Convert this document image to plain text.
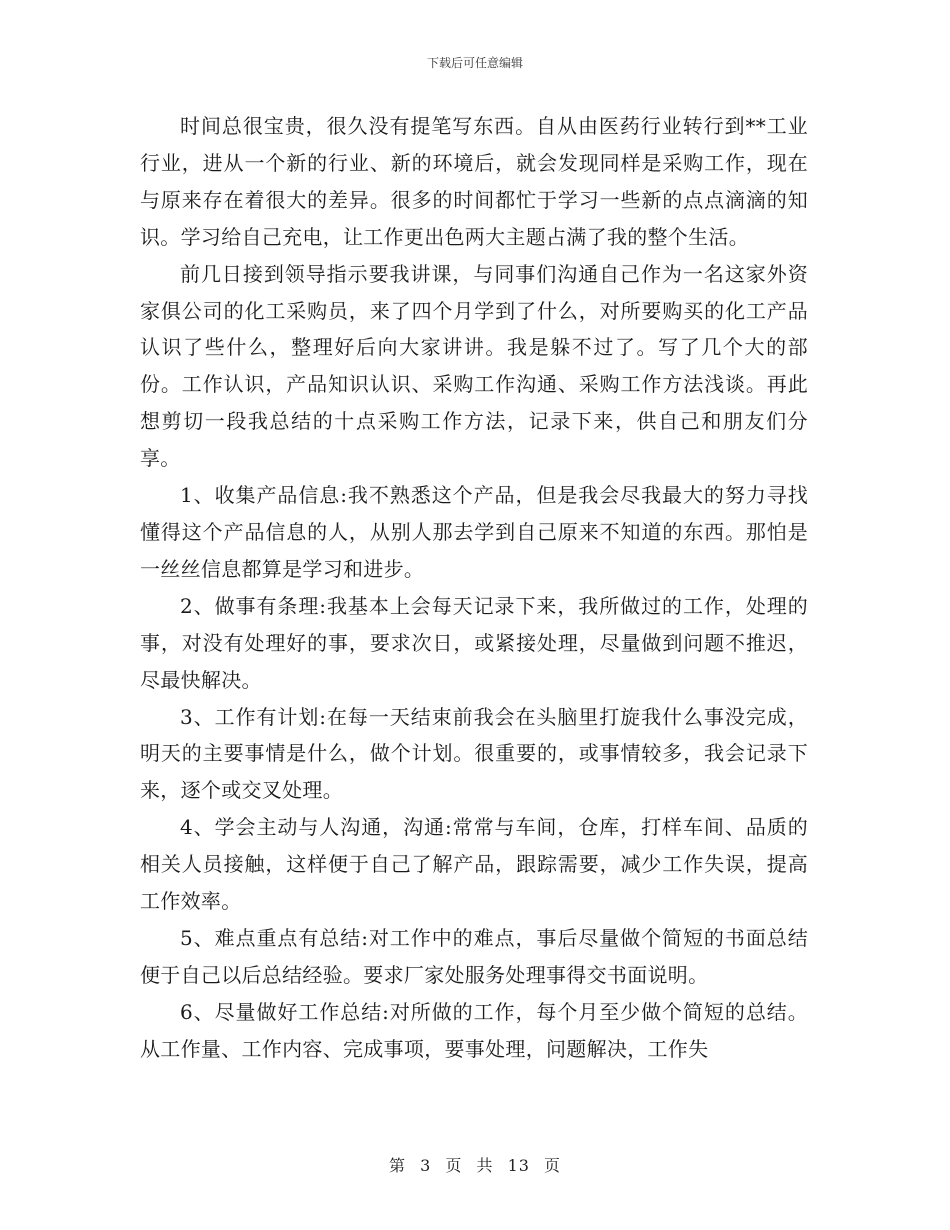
下载后可任意编辑

时间总很宝贵，很久没有提笔写东西。自从由医药行业转行到**工业行业，进从一个新的行业、新的环境后，就会发现同样是采购工作，现在与原来存在着很大的差异。很多的时间都忙于学习一些新的点点滴滴的知识。学习给自己充电，让工作更出色两大主题占满了我的整个生活。

前几日接到领导指示要我讲课，与同事们沟通自己作为一名这家外资家俱公司的化工采购员，来了四个月学到了什么，对所要购买的化工产品认识了些什么，整理好后向大家讲讲。我是躲不过了。写了几个大的部份。工作认识，产品知识认识、采购工作沟通、采购工作方法浅谈。再此想剪切一段我总结的十点采购工作方法，记录下来，供自己和朋友们分享。

1、收集产品信息:我不熟悉这个产品，但是我会尽我最大的努力寻找懂得这个产品信息的人，从别人那去学到自己原来不知道的东西。那怕是一丝丝信息都算是学习和进步。

2、做事有条理:我基本上会每天记录下来，我所做过的工作，处理的事，对没有处理好的事，要求次日，或紧接处理，尽量做到问题不推迟，尽最快解决。

3、工作有计划:在每一天结束前我会在头脑里打旋我什么事没完成，明天的主要事情是什么，做个计划。很重要的，或事情较多，我会记录下来，逐个或交叉处理。

4、学会主动与人沟通，沟通:常常与车间，仓库，打样车间、品质的相关人员接触，这样便于自己了解产品，跟踪需要，减少工作失误，提高工作效率。

5、难点重点有总结:对工作中的难点，事后尽量做个简短的书面总结便于自己以后总结经验。要求厂家处服务处理事得交书面说明。

6、尽量做好工作总结:对所做的工作，每个月至少做个简短的总结。从工作量、工作内容、完成事项，要事处理，问题解决，工作失

第 3 页 共 13 页
